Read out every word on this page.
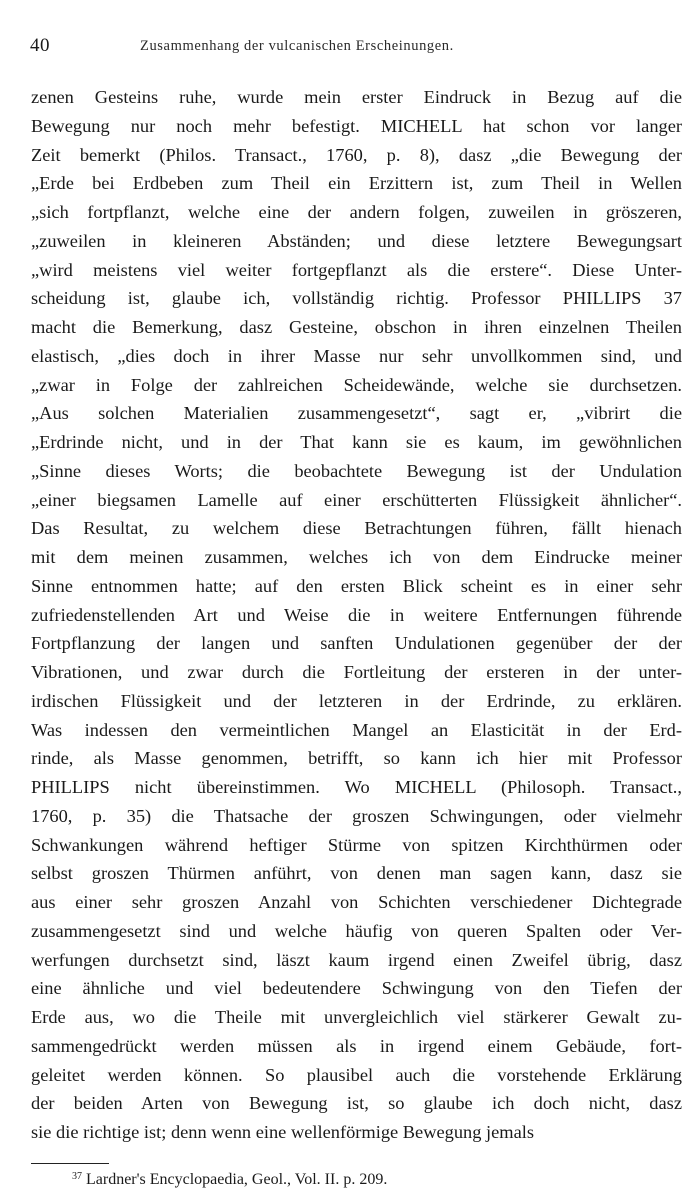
40	Zusammenhang der vulcanischen Erscheinungen.
zenen Gesteins ruhe, wurde mein erster Eindruck in Bezug auf die
Bewegung nur noch mehr befestigt. MICHELL hat schon vor langer
Zeit bemerkt (Philos. Transact., 1760, p. 8), dasz „die Bewegung der
„Erde bei Erdbeben zum Theil ein Erzittern ist, zum Theil in Wellen
„sich fortpflanzt, welche eine der andern folgen, zuweilen in gröszeren,
„zuweilen in kleineren Abständen; und diese letztere Bewegungsart
„wird meistens viel weiter fortgepflanzt als die erstere“. Diese Unter-
scheidung ist, glaube ich, vollständig richtig. Professor PHILLIPS 37
macht die Bemerkung, dasz Gesteine, obschon in ihren einzelnen Theilen
elastisch, „dies doch in ihrer Masse nur sehr unvollkommen sind, und
„zwar in Folge der zahlreichen Scheidewände, welche sie durchsetzen.
„Aus solchen Materialien zusammengesetzt“, sagt er, „vibrirt die
„Erdrinde nicht, und in der That kann sie es kaum, im gewöhnlichen
„Sinne dieses Worts; die beobachtete Bewegung ist der Undulation
„einer biegsamen Lamelle auf einer erschütterten Flüssigkeit ähnlicher“.
Das Resultat, zu welchem diese Betrachtungen führen, fällt hienach
mit dem meinen zusammen, welches ich von dem Eindrucke meiner
Sinne entnommen hatte; auf den ersten Blick scheint es in einer sehr
zufriedenstellenden Art und Weise die in weitere Entfernungen führende
Fortpflanzung der langen und sanften Undulationen gegenüber der der
Vibrationen, und zwar durch die Fortleitung der ersteren in der unter-
irdischen Flüssigkeit und der letzteren in der Erdrinde, zu erklären.
Was indessen den vermeintlichen Mangel an Elasticität in der Erd-
rinde, als Masse genommen, betrifft, so kann ich hier mit Professor
PHILLIPS nicht übereinstimmen. Wo MICHELL (Philosoph. Transact.,
1760, p. 35) die Thatsache der groszen Schwingungen, oder vielmehr
Schwankungen während heftiger Stürme von spitzen Kirchthürmen oder
selbst groszen Thürmen anführt, von denen man sagen kann, dasz sie
aus einer sehr groszen Anzahl von Schichten verschiedener Dichtegrade
zusammengesetzt sind und welche häufig von queren Spalten oder Ver-
werfungen durchsetzt sind, läszt kaum irgend einen Zweifel übrig, dasz
eine ähnliche und viel bedeutendere Schwingung von den Tiefen der
Erde aus, wo die Theile mit unvergleichlich viel stärkerer Gewalt zu-
sammengedrückt werden müssen als in irgend einem Gebäude, fort-
geleitet werden können. So plausibel auch die vorstehende Erklärung
der beiden Arten von Bewegung ist, so glaube ich doch nicht, dasz
sie die richtige ist; denn wenn eine wellenförmige Bewegung jemals
$^{37}$ Lardner's Encyclopaedia, Geol., Vol. II. p. 209.
